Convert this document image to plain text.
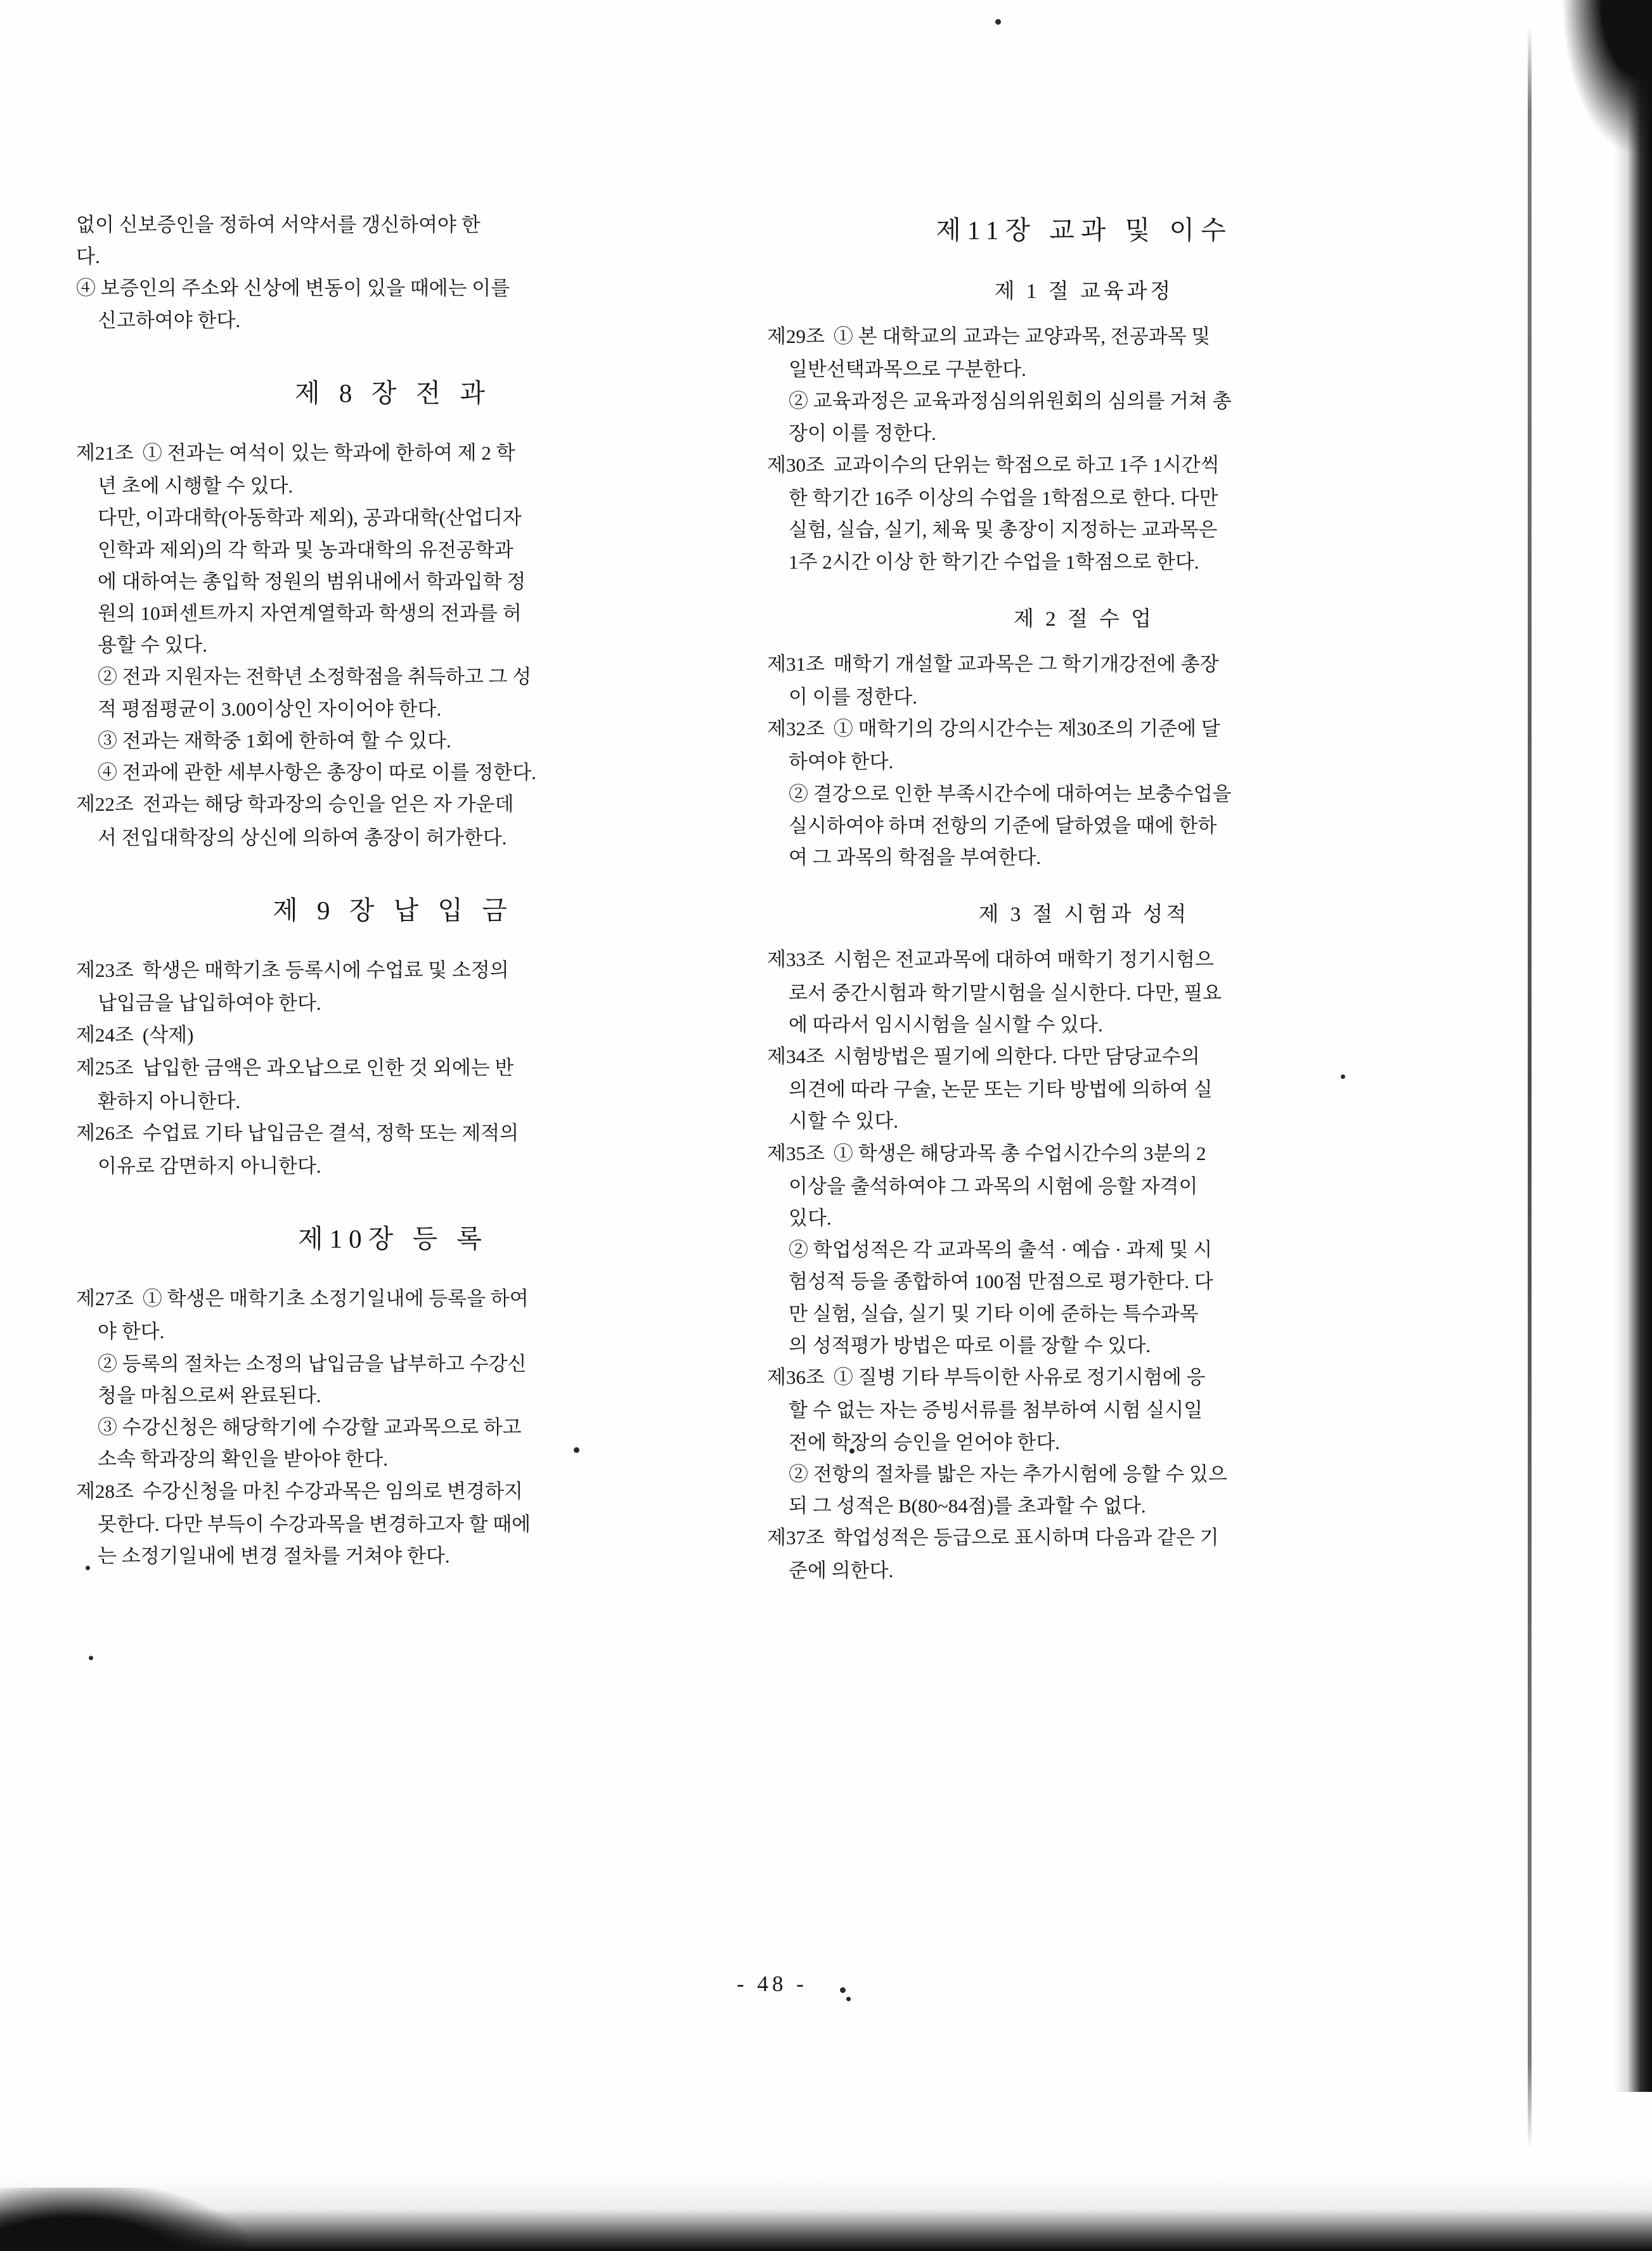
없이 신보증인을 정하여 서약서를 갱신하여야 한
다.
④ 보증인의 주소와 신상에 변동이 있을 때에는 이를
신고하여야 한다.
제 8 장 전 과
제21조 ① 전과는 여석이 있는 학과에 한하여 제 2 학
년 초에 시행할 수 있다.
다만, 이과대학(아동학과 제외), 공과대학(산업디자
인학과 제외)의 각 학과 및 농과대학의 유전공학과
에 대하여는 총입학 정원의 범위내에서 학과입학 정
원의 10퍼센트까지 자연계열학과 학생의 전과를 허
용할 수 있다.
② 전과 지원자는 전학년 소정학점을 취득하고 그 성
적 평점평균이 3.00이상인 자이어야 한다.
③ 전과는 재학중 1회에 한하여 할 수 있다.
④ 전과에 관한 세부사항은 총장이 따로 이를 정한다.
제22조 전과는 해당 학과장의 승인을 얻은 자 가운데
서 전입대학장의 상신에 의하여 총장이 허가한다.
제 9 장 납 입 금
제23조 학생은 매학기초 등록시에 수업료 및 소정의
납입금을 납입하여야 한다.
제24조 (삭제)
제25조 납입한 금액은 과오납으로 인한 것 외에는 반
환하지 아니한다.
제26조 수업료 기타 납입금은 결석, 정학 또는 제적의
이유로 감면하지 아니한다.
제10장 등 록
제27조 ① 학생은 매학기초 소정기일내에 등록을 하여
야 한다.
② 등록의 절차는 소정의 납입금을 납부하고 수강신
청을 마침으로써 완료된다.
③ 수강신청은 해당학기에 수강할 교과목으로 하고
소속 학과장의 확인을 받아야 한다.
제28조 수강신청을 마친 수강과목은 임의로 변경하지
못한다. 다만 부득이 수강과목을 변경하고자 할 때에
는 소정기일내에 변경 절차를 거쳐야 한다.
제11장 교과 및 이수
제 1 절 교육과정
제29조 ① 본 대학교의 교과는 교양과목, 전공과목 및
일반선택과목으로 구분한다.
② 교육과정은 교육과정심의위원회의 심의를 거쳐 총
장이 이를 정한다.
제30조 교과이수의 단위는 학점으로 하고 1주 1시간씩
한 학기간 16주 이상의 수업을 1학점으로 한다. 다만
실험, 실습, 실기, 체육 및 총장이 지정하는 교과목은
1주 2시간 이상 한 학기간 수업을 1학점으로 한다.
제 2 절 수 업
제31조 매학기 개설할 교과목은 그 학기개강전에 총장
이 이를 정한다.
제32조 ① 매학기의 강의시간수는 제30조의 기준에 달
하여야 한다.
② 결강으로 인한 부족시간수에 대하여는 보충수업을
실시하여야 하며 전항의 기준에 달하였을 때에 한하
여 그 과목의 학점을 부여한다.
제 3 절 시험과 성적
제33조 시험은 전교과목에 대하여 매학기 정기시험으
로서 중간시험과 학기말시험을 실시한다. 다만, 필요
에 따라서 임시시험을 실시할 수 있다.
제34조 시험방법은 필기에 의한다. 다만 담당교수의
의견에 따라 구술, 논문 또는 기타 방법에 의하여 실
시할 수 있다.
제35조 ① 학생은 해당과목 총 수업시간수의 3분의 2
이상을 출석하여야 그 과목의 시험에 응할 자격이
있다.
② 학업성적은 각 교과목의 출석 · 예습 · 과제 및 시
험성적 등을 종합하여 100점 만점으로 평가한다. 다
만 실험, 실습, 실기 및 기타 이에 준하는 특수과목
의 성적평가 방법은 따로 이를 장할 수 있다.
제36조 ① 질병 기타 부득이한 사유로 정기시험에 응
할 수 없는 자는 증빙서류를 첨부하여 시험 실시일
전에 학장의 승인을 얻어야 한다.
② 전항의 절차를 밟은 자는 추가시험에 응할 수 있으
되 그 성적은 B(80~84점)를 초과할 수 없다.
제37조 학업성적은 등급으로 표시하며 다음과 같은 기
준에 의한다.
- 48 -
